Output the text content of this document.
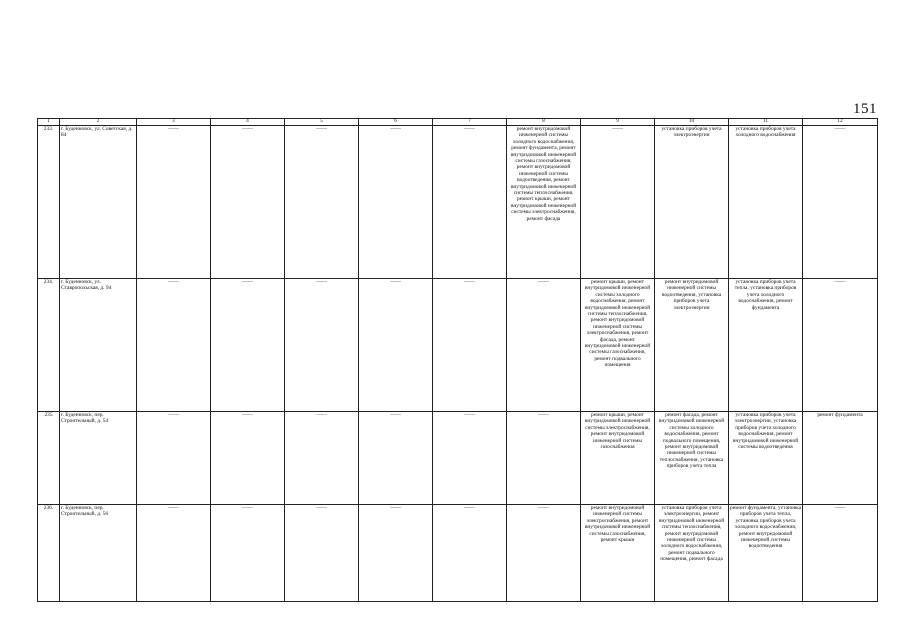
151
1	2	3	4	5	6	7	8	9	10	11	12
233.	г. Буденновск, ул. Советская, д. 84	——	——	——	——	——	ремонт внутридомовой инженерной системы холодного водоснабжения, ремонт фундамента, ремонт внутридомовой инженерной системы газоснабжения, ремонт внутридомовой инженерной системы водоотведения, ремонт внутридомовой инженерной системы теплоснабжения, ремонт крыши, ремонт внутридомовой инженерной системы электроснабжения, ремонт фасада	——	установка приборов учета электроэнергии	установка приборов учета холодного водоснабжения	——
234.	г. Буденновск, ул. Ставропольская, д. 94	——	——	——	——	——	——	ремонт крыши, ремонт внутридомовой инженерной системы холодного водоснабжения, ремонт внутридомовой инженерной системы теплоснабжения, ремонт внутридомовой инженерной системы электроснабжения, ремонт фасада, ремонт внутридомовой инженерной системы газоснабжения, ремонт подвального помещения	ремонт внутридомовой инженерной системы водоотведения, установка приборов учета электроэнергии	установка приборов учета тепла, установка приборов учета холодного водоснабжения, ремонт фундамента	——
235	г. Буденновск, пер. Строительный, д. 54	——	——	——	——	——	——	ремонт крыши, ремонт внутридомовой инженерной системы электроснабжения, ремонт внутридомовой инженерной системы газоснабжения	ремонт фасада, ремонт внутридомовой инженерной системы холодного водоснабжения, ремонт подвального помещения, ремонт внутридомовой инженерной системы теплоснабжения, установка приборов учета тепла	установка приборов учета электроэнергии, установка приборов учета холодного водоснабжения, ремонт внутридомовой инженерной системы водоотведения	ремонт фундамента
236.	г. Буденновск, пер. Строительный, д. 56	——	——	——	——	——	——	ремонт внутридомовой инженерной системы электроснабжения, ремонт внутридомовой инженерной системы газоснабжения, ремонт крыши	установка приборов учета электроэнергии, ремонт внутридомовой инженерной системы теплоснабжения, ремонт внутридомовой инженерной системы холодного водоснабжения, ремонт подвального помещения, ремонт фасада	ремонт фундамента, установка приборов учета тепла, установка приборов учета холодного водоснабжения, ремонт внутридомовой инженерной системы водоотведения	——
